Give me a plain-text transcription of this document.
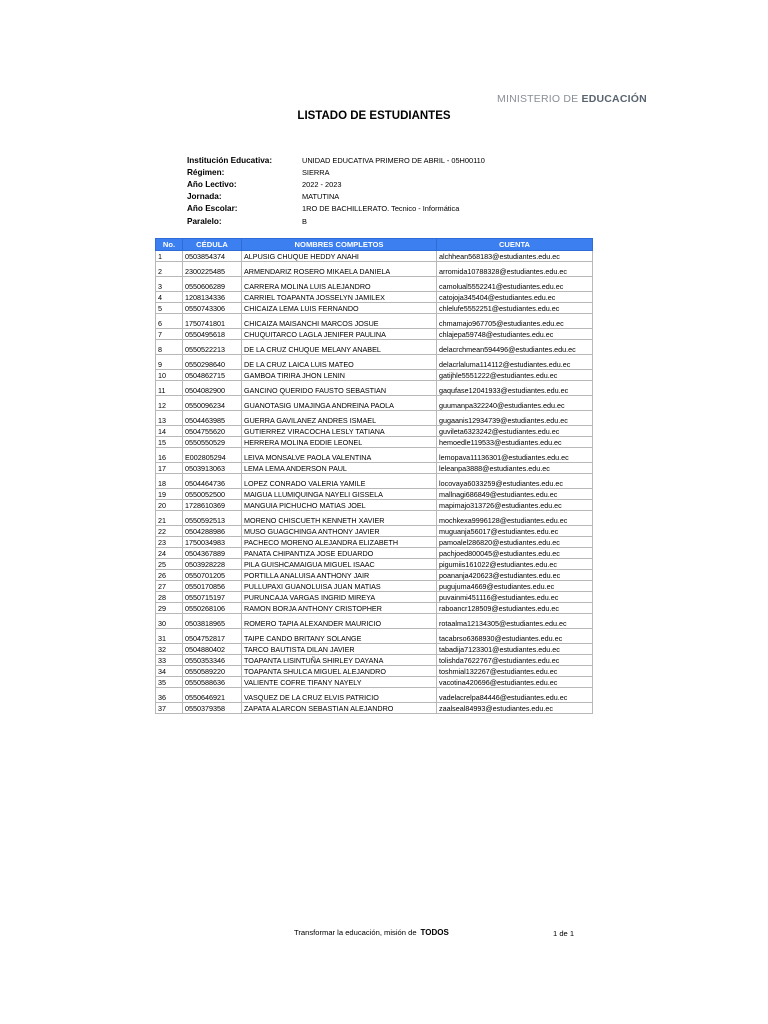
MINISTERIO DE EDUCACIÓN
LISTADO DE ESTUDIANTES
Institución Educativa:	UNIDAD EDUCATIVA PRIMERO DE ABRIL - 05H00110
Régimen:	SIERRA
Año Lectivo:	2022 - 2023
Jornada:	MATUTINA
Año Escolar:	1RO DE BACHILLERATO. Tecnico - Informática
Paralelo:	B
No.	CÉDULA	NOMBRES COMPLETOS	CUENTA
1	0503854374	ALPUSIG CHUQUE HEDDY ANAHI	alchhean568183@estudiantes.edu.ec
2	2300225485	ARMENDARIZ ROSERO MIKAELA DANIELA	arromida10788328@estudiantes.edu.ec
3	0550606289	CARRERA MOLINA LUIS ALEJANDRO	camolual5552241@estudiantes.edu.ec
4	1208134336	CARRIEL TOAPANTA JOSSELYN JAMILEX	catojoja345404@estudiantes.edu.ec
5	0550743306	CHICAIZA LEMA LUIS FERNANDO	chlelufe5552251@estudiantes.edu.ec
6	1750741801	CHICAIZA MAISANCHI MARCOS JOSUE	chmamajo967705@estudiantes.edu.ec
7	0550495618	CHUQUITARCO LAGLA JENIFER PAULINA	chlajepa59748@estudiantes.edu.ec
8	0550522213	DE LA CRUZ CHUQUE MELANY ANABEL	delacrchmean594496@estudiantes.edu.ec
9	0550298640	DE LA CRUZ LAICA LUIS MATEO	delacrlaluma114112@estudiantes.edu.ec
10	0504862715	GAMBOA TIRIRA JHON LENIN	gatijhle5551222@estudiantes.edu.ec
11	0504082900	GANCINO QUERIDO FAUSTO SEBASTIAN	gaqufase12041933@estudiantes.edu.ec
12	0550096234	GUANOTASIG UMAJINGA ANDREINA PAOLA	guumanpa322240@estudiantes.edu.ec
13	0504463985	GUERRA GAVILANEZ ANDRES ISMAEL	gugaanis12934739@estudiantes.edu.ec
14	0504755620	GUTIERREZ VIRACOCHA LESLY TATIANA	guvileta6323242@estudiantes.edu.ec
15	0550550529	HERRERA MOLINA EDDIE LEONEL	hemoedle119533@estudiantes.edu.ec
16	E002805294	LEIVA MONSALVE PAOLA VALENTINA	lemopava11136301@estudiantes.edu.ec
17	0503913063	LEMA LEMA ANDERSON PAUL	leleanpa3888@estudiantes.edu.ec
18	0504464736	LOPEZ CONRADO VALERIA YAMILE	locovaya6033259@estudiantes.edu.ec
19	0550052500	MAIGUA LLUMIQUINGA NAYELI GISSELA	mallnagi686849@estudiantes.edu.ec
20	1728610369	MANGUIA PICHUCHO MATIAS JOEL	mapimajo313726@estudiantes.edu.ec
21	0550592513	MORENO CHISCUETH KENNETH XAVIER	mochkexa9996128@estudiantes.edu.ec
22	0504288986	MUSO GUAGCHINGA ANTHONY JAVIER	muguanja56017@estudiantes.edu.ec
23	1750034983	PACHECO MORENO ALEJANDRA ELIZABETH	pamoalel286820@estudiantes.edu.ec
24	0504367889	PANATA CHIPANTIZA JOSE EDUARDO	pachjoed800045@estudiantes.edu.ec
25	0503928228	PILA GUISHCAMAIGUA MIGUEL ISAAC	pigumiis161022@estudiantes.edu.ec
26	0550701205	PORTILLA ANALUISA ANTHONY JAIR	poananja420623@estudiantes.edu.ec
27	0550170856	PULLUPAXI GUANOLUISA JUAN MATIAS	pugujuma4669@estudiantes.edu.ec
28	0550715197	PURUNCAJA VARGAS INGRID MIREYA	puvainmi451116@estudiantes.edu.ec
29	0550268106	RAMON BORJA ANTHONY CRISTOPHER	raboancr128509@estudiantes.edu.ec
30	0503818965	ROMERO TAPIA ALEXANDER MAURICIO	rotaalma12134305@estudiantes.edu.ec
31	0504752817	TAIPE CANDO BRITANY SOLANGE	tacabrso6368930@estudiantes.edu.ec
32	0504880402	TARCO BAUTISTA DILAN JAVIER	tabadija7123301@estudiantes.edu.ec
33	0550353346	TOAPANTA LISINTUÑA SHIRLEY DAYANA	tolishda7622767@estudiantes.edu.ec
34	0550589220	TOAPANTA SHULCA MIGUEL ALEJANDRO	toshmial132267@estudiantes.edu.ec
35	0550588636	VALIENTE COFRE TIFANY NAYELY	vacotina420696@estudiantes.edu.ec
36	0550646921	VASQUEZ DE LA CRUZ ELVIS PATRICIO	vadelacrelpa84446@estudiantes.edu.ec
37	0550379358	ZAPATA ALARCON SEBASTIAN ALEJANDRO	zaalseal84993@estudiantes.edu.ec
Transformar la educación, misión de TODOS	1 de 1
